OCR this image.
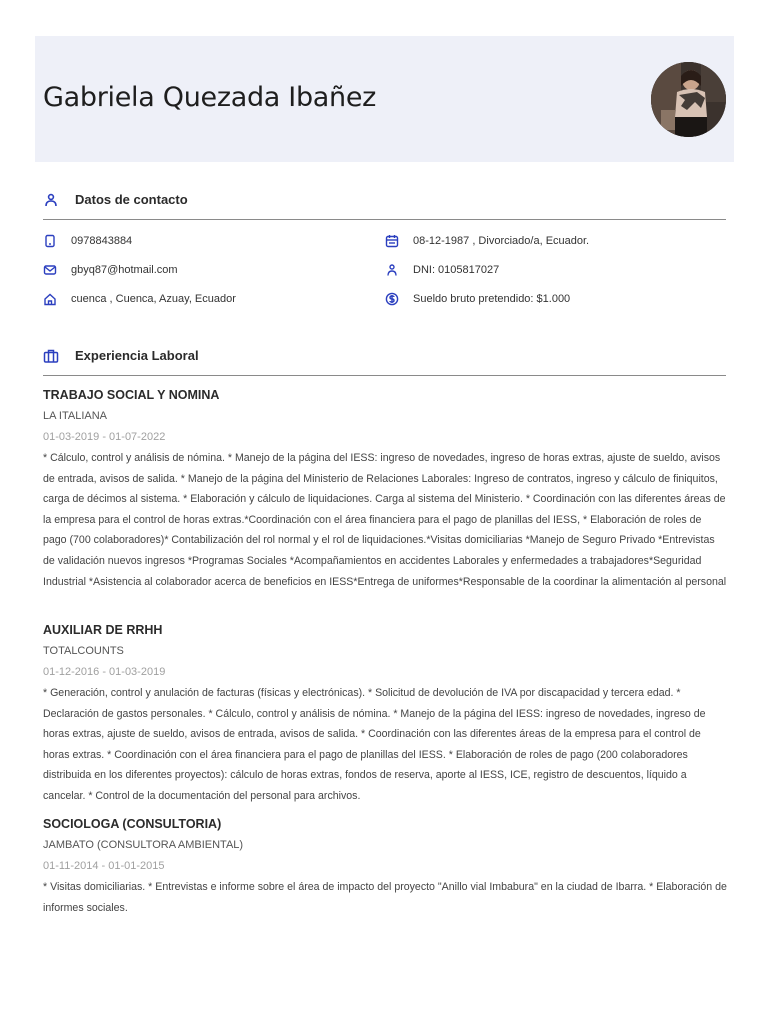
Gabriela Quezada Ibañez
Datos de contacto
0978843884
gbyq87@hotmail.com
cuenca , Cuenca, Azuay, Ecuador
08-12-1987 , Divorciado/a, Ecuador.
DNI: 0105817027
Sueldo bruto pretendido: $1.000
Experiencia Laboral
TRABAJO SOCIAL Y NOMINA
LA ITALIANA
01-03-2019 - 01-07-2022
* Cálculo, control y análisis de nómina. * Manejo de la página del IESS: ingreso de novedades, ingreso de horas extras, ajuste de sueldo, avisos de entrada, avisos de salida. * Manejo de la página del Ministerio de Relaciones Laborales: Ingreso de contratos, ingreso y cálculo de finiquitos, carga de décimos al sistema. * Elaboración y cálculo de liquidaciones. Carga al sistema del Ministerio. * Coordinación con las diferentes áreas de la empresa para el control de horas extras.*Coordinación con el área financiera para el pago de planillas del IESS, * Elaboración de roles de pago (700 colaboradores)* Contabilización del rol normal y el rol de liquidaciones.*Visitas domiciliarias *Manejo de Seguro Privado *Entrevistas de validación nuevos ingresos *Programas Sociales *Acompañamientos en accidentes Laborales y enfermedades a trabajadores*Seguridad Industrial *Asistencia al colaborador acerca de beneficios en IESS*Entrega de uniformes*Responsable de la coordinar la alimentación al personal
AUXILIAR DE RRHH
TOTALCOUNTS
01-12-2016 - 01-03-2019
* Generación, control y anulación de facturas (físicas y electrónicas). * Solicitud de devolución de IVA por discapacidad y tercera edad. * Declaración de gastos personales. * Cálculo, control y análisis de nómina. * Manejo de la página del IESS: ingreso de novedades, ingreso de horas extras, ajuste de sueldo, avisos de entrada, avisos de salida. * Coordinación con las diferentes áreas de la empresa para el control de horas extras. * Coordinación con el área financiera para el pago de planillas del IESS. * Elaboración de roles de pago (200 colaboradores distribuida en los diferentes proyectos): cálculo de horas extras, fondos de reserva, aporte al IESS, ICE, registro de descuentos, líquido a cancelar. * Control de la documentación del personal para archivos.
SOCIOLOGA (CONSULTORIA)
JAMBATO (CONSULTORA AMBIENTAL)
01-11-2014 - 01-01-2015
* Visitas domiciliarias. * Entrevistas e informe sobre el área de impacto del proyecto "Anillo vial Imbabura" en la ciudad de Ibarra. * Elaboración de informes sociales.
